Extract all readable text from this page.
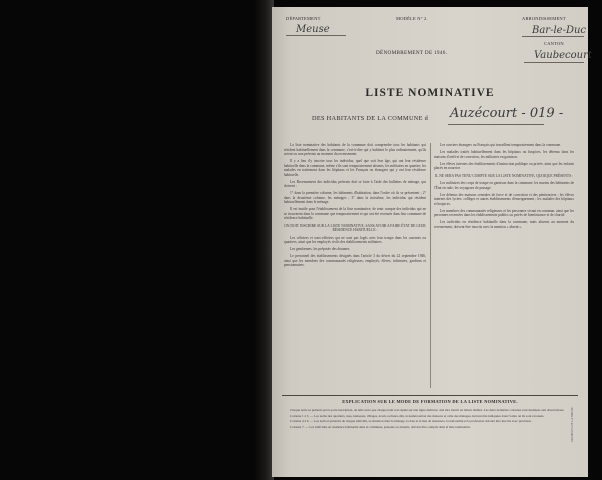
DÉPARTEMENT	MODÈLE N° 2.	ARRONDISSEMENT
Meuse	Bar-le-Duc
CANTON
Vaubecourt
DÉNOMBREMENT DE 1946.
LISTE NOMINATIVE
DES HABITANTS DE LA COMMUNE d Auzécourt - 019 -

La liste nominative des habitants de la commune doit comprendre tous les habitants qui résident habituellement dans la commune, c'est-à-dire qui y habitent le plus ordinairement, qu'ils soient ou non présents au moment du recensement.

Il y a lieu d'y inscrire tous les individus, quel que soit leur âge, qui ont leur résidence habituelle dans la commune, même s'ils sont temporairement absents, les militaires en quartier, les malades en traitement dans les hôpitaux et les Français ou étrangers qui y ont leur résidence habituelle.

Les Recensement des individus présents doit se faire à l'aide des bulletins de ménage, qui doivent :

1° dans la première colonne, les bâtiments d'habitation, dans l'ordre où ils se présentent ; 2° dans la deuxième colonne, les ménages ; 3° dans la troisième, les individus qui résident habituellement dans le ménage.

Il est inutile pour l'établissement de la liste nominative, de tenir compte des individus qui ne se trouvaient dans la commune que temporairement et qui ont été recensés dans leur commune de résidence habituelle.

ON DOIT INSCRIRE SUR LA LISTE NOMINATIVE, SANS AVOIR A FAIRE ÉTAT DE LEUR RÉSIDENCE HABITUELLE :

Les officiers et sous-officiers qui ne sont pas logés avec leur troupe dans les casernes ou quartiers, ainsi que les employés civils des établissements militaires.

Les gendarmes, les préposés des douanes.

Le personnel des établissements désignés dans l'article 3 du décret du 22 septembre 1946, ainsi que les membres des communautés religieuses, employés, élèves, infirmiers, gardiens et pensionnaires.

Les ouvriers étrangers ou Français qui travaillent temporairement dans la commune.

Les malades traités habituellement dans les hôpitaux ou hospices, les détenus dans les maisons d'arrêt et de correction, les militaires en garnison.

Les élèves internes des établissements d'instruction publique ou privée, ainsi que les enfants placés en nourrice.

IL NE SERA PAS TENU COMPTE SUR LA LISTE NOMINATIVE, QUOIQUE PRÉSENTS :

Les militaires des corps de troupe en garnison dans la commune, les marins des bâtiments de l'État en rade, les voyageurs de passage.

Les détenus des maisons centrales de force et de correction et des pénitenciers ; les élèves internes des lycées, collèges et autres établissements d'enseignement ; les malades des hôpitaux et hospices.

Les membres des communautés religieuses et les personnes vivant en commun, ainsi que les personnes recensées dans les établissements publics ou privés de bienfaisance et de charité.

Les individus en résidence habituelle dans la commune, mais absents au moment du recensement, doivent être inscrits avec la mention « absent ».

EXPLICATION SUR LE MODE DE FORMATION DE LA LISTE NOMINATIVE.

Chaque nom ou prénom qu'on porte inscription, de telle sorte que chaque nom soit répété sur une ligne distincte, doit être inscrit en lettres lisibles. Les deux dernières colonnes sont destinées aux observations.

Colonne 1 à 3. — Les noms des quartiers, rues, hameaux, villages, écarts ou lieux-dits, la numérotation des maisons et celle des ménages doivent être indiquées dans l'ordre où ils sont recensés.

Colonne 4 à 6. — Les nom et prénoms de chaque individu, sa situation dans le ménage, la date et le lieu de naissance, la nationalité et la profession doivent être inscrits avec précision.

Colonne 7. — Les individus en résidence habituelle dans la commune, présents ou absents, doivent être compris dans la liste nominative.	ARCHIVES DE LA MEUSE
